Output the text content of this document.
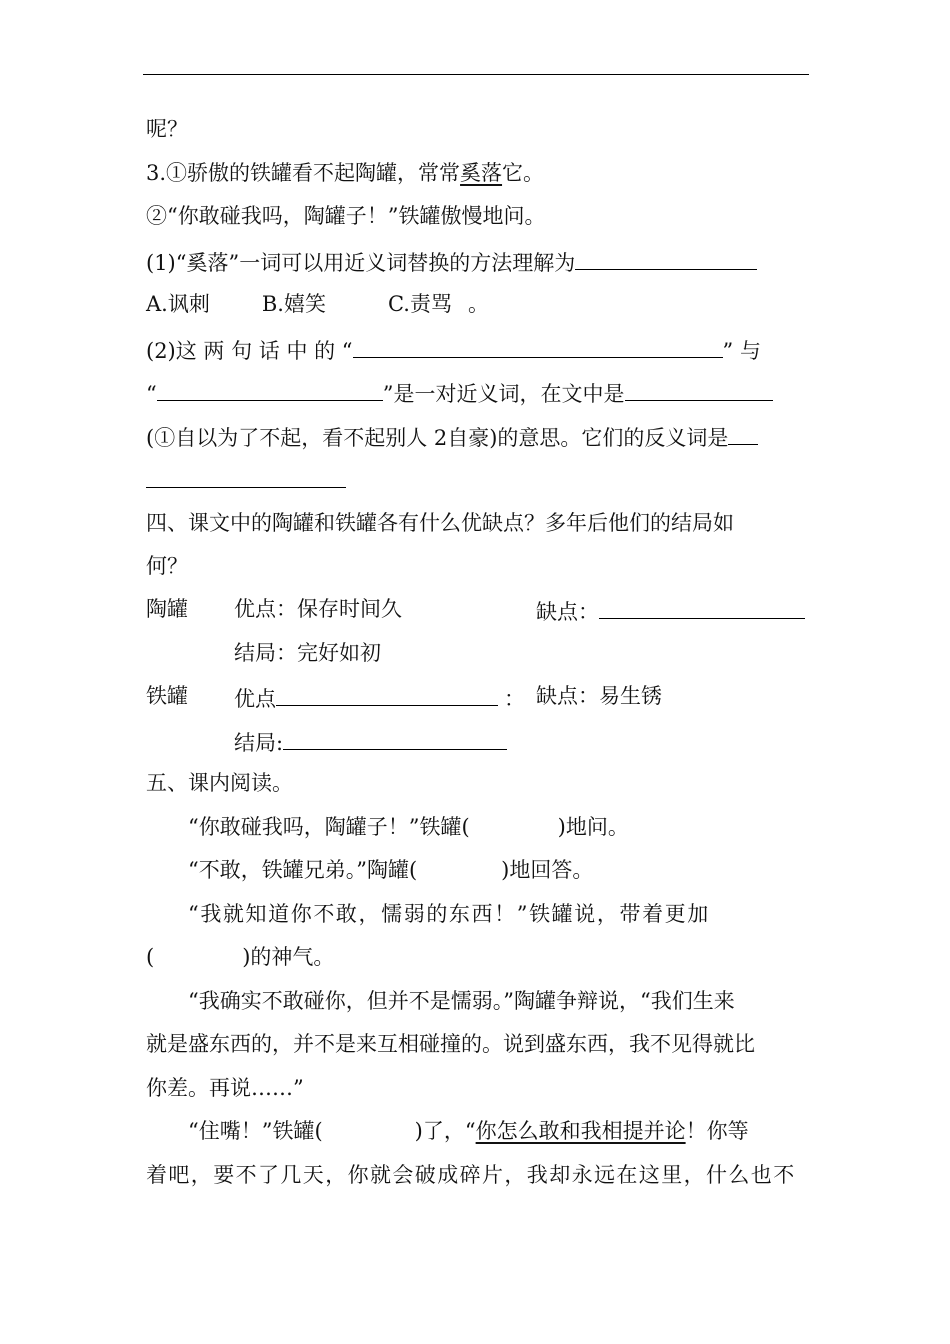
呢？
3.①骄傲的铁罐看不起陶罐，常常奚落它。
②“你敢碰我吗，陶罐子！”铁罐傲慢地问。
(1)“奚落”一词可以用近义词替换的方法理解为
A.讽刺 B.嬉笑	C.责骂 。
(2)这 两 句 话 中 的 “	” 与
“	”是一对近义词，在文中是
(①自以为了不起，看不起别人 2自豪)的意思。它们的反义词是
四、课文中的陶罐和铁罐各有什么优缺点？多年后他们的结局如
何？
陶罐 优点：保存时间久	缺点：
结局：完好如初
铁罐 优点	： 缺点：易生锈
结局:
五、课内阅读。
“你敢碰我吗，陶罐子！”铁罐(	)地问。
“不敢，铁罐兄弟。”陶罐(	)地回答。
“我就知道你不敢，懦弱的东西！”铁罐说，带着更加
(	)的神气。
“我确实不敢碰你，但并不是懦弱。”陶罐争辩说，“我们生来
就是盛东西的，并不是来互相碰撞的。说到盛东西，我不见得就比
你差。再说……”
“住嘴！”铁罐(	)了，“你怎么敢和我相提并论！你等
着吧，要不了几天，你就会破成碎片，我却永远在这里，什么也不
